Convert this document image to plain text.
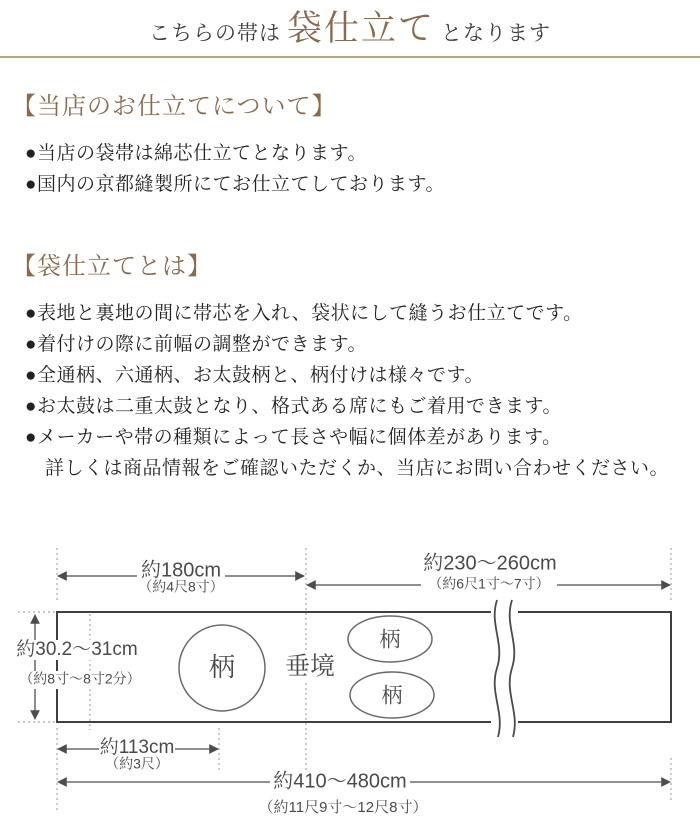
こちらの帯は 袋仕立て となります
【当店のお仕立てについて】
●当店の袋帯は綿芯仕立てとなります。
●国内の京都縫製所にてお仕立てしております。
【袋仕立てとは】
●表地と裏地の間に帯芯を入れ、袋状にして縫うお仕立てです。
●着付けの際に前幅の調整ができます。
●全通柄、六通柄、お太鼓柄と、柄付けは様々です。
●お太鼓は二重太鼓となり、格式ある席にもご着用できます。
●メーカーや帯の種類によって長さや幅に個体差があります。
詳しくは商品情報をご確認いただくか、当店にお問い合わせください。
約180cm
（約4尺8寸）
約230〜260cm
（約6尺1寸〜7寸）
約30.2〜31cm
（約8寸〜8寸2分）
約113cm
（約3尺）
約410〜480cm
（約11尺9寸〜12尺8寸）
柄 垂境
柄
柄
